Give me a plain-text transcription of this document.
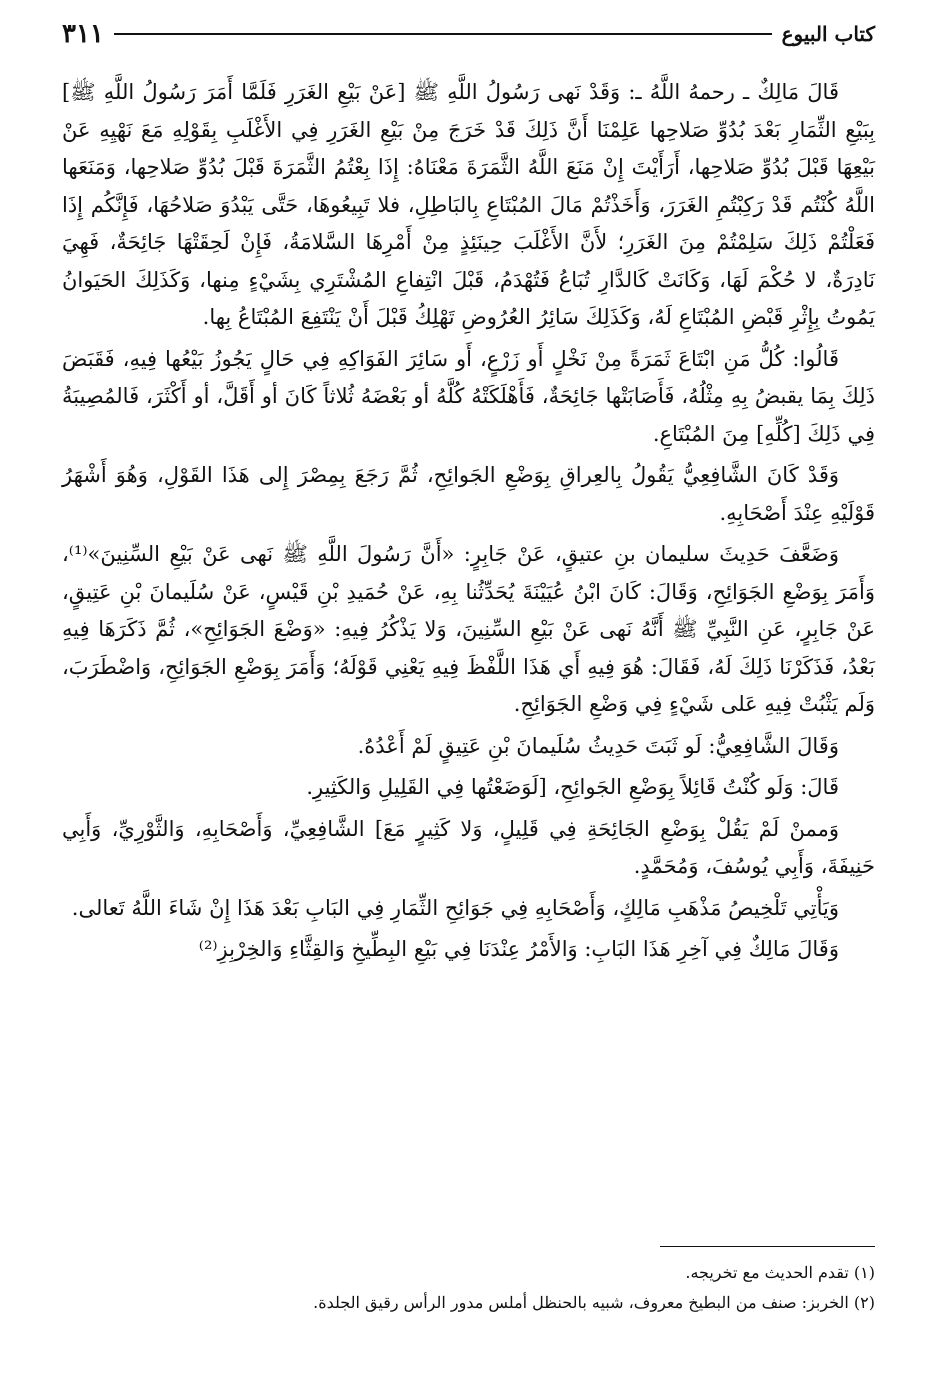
كتاب البيوع
٣١١

قَالَ مَالِكٌ ـ رحمهُ اللَّهُ ـ: وَقَدْ نَهى رَسُولُ اللَّهِ ﷺ [عَنْ بَيْعِ الغَرَرِ فَلَمَّا أَمَرَ رَسُولُ اللَّهِ ﷺ] بِبَيْعِ الثِّمَارِ بَعْدَ بُدُوِّ صَلاحِها عَلِمْنَا أَنَّ ذَلِكَ قَدْ خَرَجَ مِنْ بَيْعِ الغَرَرِ فِي الأَغْلَبِ بِقَوْلِهِ مَعَ نَهْيِهِ عَنْ بَيْعِهَا قَبْلَ بُدُوِّ صَلاحِها، أَرَأَيْتَ إِنْ مَنَعَ اللَّهُ الثَّمَرَةَ مَعْنَاهُ: إِذَا بِعْتُمُ الثَّمَرَةَ قَبْلَ بُدُوِّ صَلاحِها، وَمَنَعَها اللَّهُ كُنْتُم قَدْ رَكِبْتُمِ الغَرَرَ، وَأَخَذْتُمْ مَالَ المُبْتَاعِ بِالبَاطِلِ، فلا تَبِيعُوهَا، حَتَّى يَبْدُوَ صَلاحُهَا، فَإِنَّكُم إِذَا فَعَلْتُمْ ذَلِكَ سَلِمْتُمْ مِنَ الغَرَرِ؛ لأَنَّ الأَغْلَبَ حِينَئِذٍ مِنْ أَمْرِهَا السَّلامَةُ، فَإِنْ لَحِقَتْهَا جَائِحَةٌ، فَهِيَ نَادِرَةٌ، لا حُكْمَ لَهَا، وَكَانَتْ كَالدَّارِ تُبَاعُ فَتُهْدَمُ، قَبْلَ انْتِفاعِ المُشْتَرِي بِشَيْءٍ مِنها، وَكَذَلِكَ الحَيَوانُ يَمُوتُ بِإِثْرِ قَبْضِ المُبْتَاعِ لَهُ، وَكَذَلِكَ سَائِرُ العُرُوضِ تَهْلِكُ قَبْلَ أَنْ يَنْتَفِعَ المُبْتَاعُ بِها.

قَالُوا: كُلُّ مَنِ ابْتَاعَ ثَمَرَةً مِنْ نَخْلٍ أَو زَرْعٍ، أَو سَائِرَ الفَوَاكِهِ فِي حَالٍ يَجُوزُ بَيْعُها فِيهِ، فَقَبَضَ ذَلِكَ بِمَا يقبضُ بِهِ مِثْلُهُ، فَأَصَابَتْها جَائِحَةٌ، فَأَهْلَكَتْهُ كُلَّهُ أو بَعْضَهُ ثُلاثاً كَانَ أو أَقَلَّ، أو أَكْثَرَ، فَالمُصِيبَةُ فِي ذَلِكَ [كُلِّهِ] مِنَ المُبْتَاعِ.

وَقَدْ كَانَ الشَّافِعِيُّ يَقُولُ بِالعِراقِ بِوَضْعِ الجَوائِحِ، ثُمَّ رَجَعَ بِمِصْرَ إِلى هَذَا القَوْلِ، وَهُوَ أَشْهَرُ قَوْلَيْهِ عِنْدَ أَصْحَابِهِ.

وَضَعَّفَ حَدِيثَ سليمان بنِ عتيقٍ، عَنْ جَابِرٍ: «أَنَّ رَسُولَ اللَّهِ ﷺ نَهى عَنْ بَيْعِ السِّنِينَ»⁽¹⁾، وَأَمَرَ بِوَضْعِ الجَوَائِحِ، وَقَالَ: كَانَ ابْنُ عُيَيْنَةَ يُحَدِّثُنا بِهِ، عَنْ حُمَيدِ بْنِ قَيْسٍ، عَنْ سُلَيمانَ بْنِ عَتِيقٍ، عَنْ جَابِرٍ، عَنِ النَّبِيِّ ﷺ أَنَّهُ نَهى عَنْ بَيْعِ السِّنِينَ، وَلا يَذْكُرُ فِيهِ: «وَضْعَ الجَوَائِحِ»، ثُمَّ ذَكَرَهَا فِيهِ بَعْدُ، فَذَكَرْنَا ذَلِكَ لَهُ، فَقَالَ: هُوَ فِيهِ أَي هَذَا اللَّفْظَ فِيهِ يَعْنِي قَوْلَهُ؛ وَأَمَرَ بِوَضْعِ الجَوَائِحِ، وَاضْطَرَبَ، وَلَم يَثْبُتْ فِيهِ عَلى شَيْءٍ فِي وَضْعِ الجَوَائِحِ.

وَقَالَ الشَّافِعِيُّ: لَو ثَبَتَ حَدِيثُ سُلَيمانَ بْنِ عَتِيقٍ لَمْ أَعْدُهُ.

قَالَ: وَلَو كُنْتُ قَائِلاً بِوَضْعِ الجَوائِحِ، [لَوَضَعْتُها فِي القَلِيلِ وَالكَثِيرِ.

وَممنْ لَمْ يَقُلْ بِوَضْعِ الجَائِحَةِ فِي قَلِيلٍ، وَلا كَثِيرٍ مَعَ] الشَّافِعِيِّ، وَأَصْحَابِهِ، وَالثَّوْرِيِّ، وَأَبِي حَنِيفَةَ، وَأَبِي يُوسُفَ، وَمُحَمَّدٍ.

وَيَأْتِي تَلْخِيصُ مَذْهَبِ مَالِكٍ، وَأَصْحَابِهِ فِي جَوَائِحِ الثِّمَارِ فِي البَابِ بَعْدَ هَذَا إِنْ شَاءَ اللَّهُ تَعالى.

وَقَالَ مَالِكٌ فِي آخِرِ هَذَا البَابِ: وَالأَمْرُ عِنْدَنَا فِي بَيْعِ البِطِّيخِ وَالقِثَّاءِ وَالخِرْبِزِ⁽²⁾

(١) تقدم الحديث مع تخريجه.
(٢) الخربز: صنف من البطيخ معروف، شبيه بالحنظل أملس مدور الرأس رقيق الجلدة.
